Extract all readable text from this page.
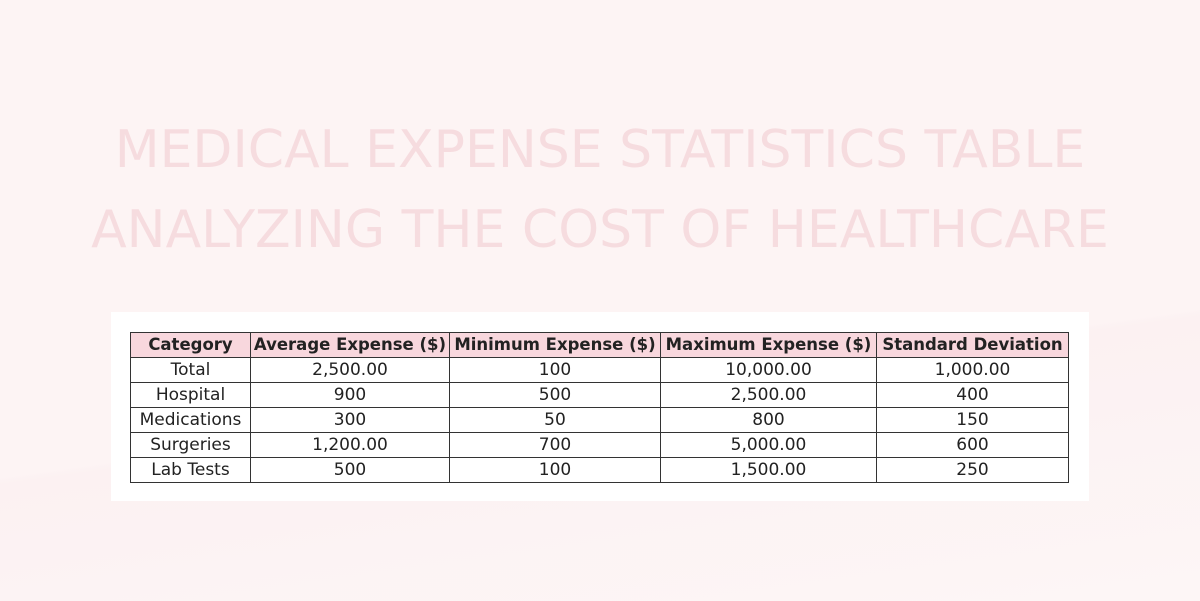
MEDICAL EXPENSE STATISTICS TABLE
ANALYZING THE COST OF HEALTHCARE
Category	Average Expense ($)	Minimum Expense ($)	Maximum Expense ($)	Standard Deviation
Total	2,500.00	100	10,000.00	1,000.00
Hospital	900	500	2,500.00	400
Medications	300	50	800	150
Surgeries	1,200.00	700	5,000.00	600
Lab Tests	500	100	1,500.00	250
